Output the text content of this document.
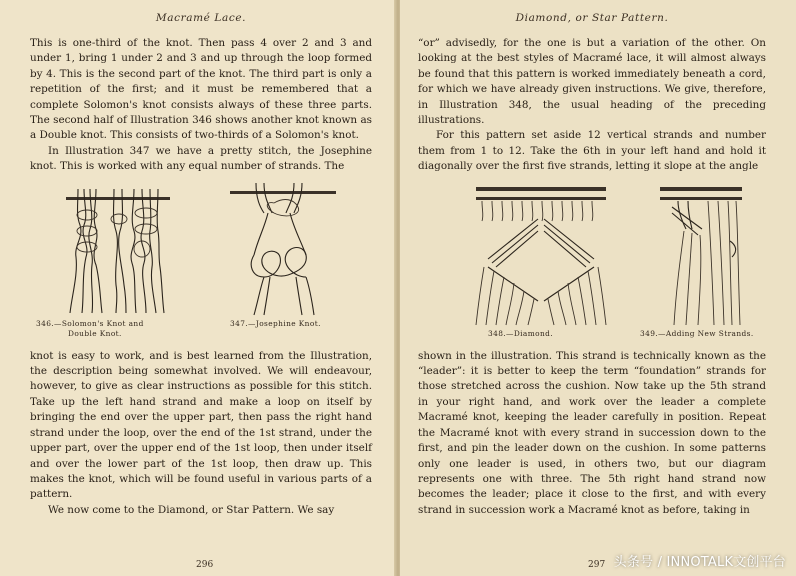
Macramé Lace.

This is one-third of the knot. Then pass 4 over 2 and 3 and under 1, bring 1 under 2 and 3 and up through the loop formed by 4. This is the second part of the knot. The third part is only a repetition of the first; and it must be remembered that a complete Solomon's knot consists always of these three parts. The second half of Illustration 346 shows another knot known as a Double knot. This consists of two-thirds of a Solomon's knot.

In Illustration 347 we have a pretty stitch, the Josephine knot. This is worked with any equal number of strands. The

346.—Solomon's Knot and
Double Knot.
347.—Josephine Knot.

knot is easy to work, and is best learned from the Illustration, the description being somewhat involved. We will endeavour, however, to give as clear instructions as possible for this stitch. Take up the left hand strand and make a loop on itself by bringing the end over the upper part, then pass the right hand strand under the loop, over the end of the 1st strand, under the upper part, over the upper end of the 1st loop, then under itself and over the lower part of the 1st loop, then draw up. This makes the knot, which will be found useful in various parts of a pattern.

We now come to the Diamond, or Star Pattern. We say

296
Diamond, or Star Pattern.

“or” advisedly, for the one is but a variation of the other. On looking at the best styles of Macramé lace, it will almost always be found that this pattern is worked immediately beneath a cord, for which we have already given instructions. We give, therefore, in Illustration 348, the usual heading of the preceding illustrations.

For this pattern set aside 12 vertical strands and number them from 1 to 12. Take the 6th in your left hand and hold it diagonally over the first five strands, letting it slope at the angle

348.—Diamond.	349.—Adding New Strands.

shown in the illustration. This strand is technically known as the “leader”: it is better to keep the term “foundation” strands for those stretched across the cushion. Now take up the 5th strand in your right hand, and work over the leader a complete Macramé knot, keeping the leader carefully in position. Repeat the Macramé knot with every strand in succession down to the first, and pin the leader down on the cushion. In some patterns only one leader is used, in others two, but our diagram represents one with three. The 5th right hand strand now becomes the leader; place it close to the first, and with every strand in succession work a Macramé knot as before, taking in

297 头条号 / INNOTALK文创平台
